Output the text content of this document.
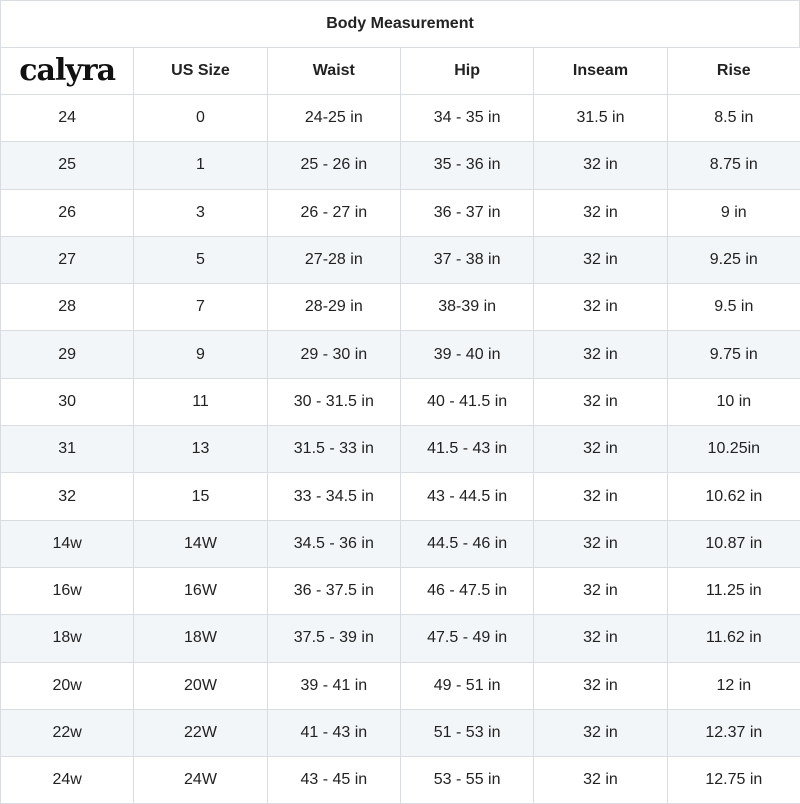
Body Measurement
calyra	US Size	Waist	Hip	Inseam	Rise
24	0	24-25 in	34 - 35 in	31.5 in	8.5 in
25	1	25 - 26 in	35 - 36 in	32 in	8.75 in
26	3	26 - 27 in	36 - 37 in	32 in	9 in
27	5	27-28 in	37 - 38 in	32 in	9.25 in
28	7	28-29 in	38-39 in	32 in	9.5 in
29	9	29 - 30 in	39 - 40 in	32 in	9.75 in
30	11	30 - 31.5 in	40 - 41.5 in	32 in	10 in
31	13	31.5 - 33 in	41.5 - 43 in	32 in	10.25in
32	15	33 - 34.5 in	43 - 44.5 in	32 in	10.62 in
14w	14W	34.5 - 36 in	44.5 - 46 in	32 in	10.87 in
16w	16W	36 - 37.5 in	46 - 47.5 in	32 in	11.25 in
18w	18W	37.5 - 39 in	47.5 - 49 in	32 in	11.62 in
20w	20W	39 - 41 in	49 - 51 in	32 in	12 in
22w	22W	41 - 43 in	51 - 53 in	32 in	12.37 in
24w	24W	43 - 45 in	53 - 55 in	32 in	12.75 in
